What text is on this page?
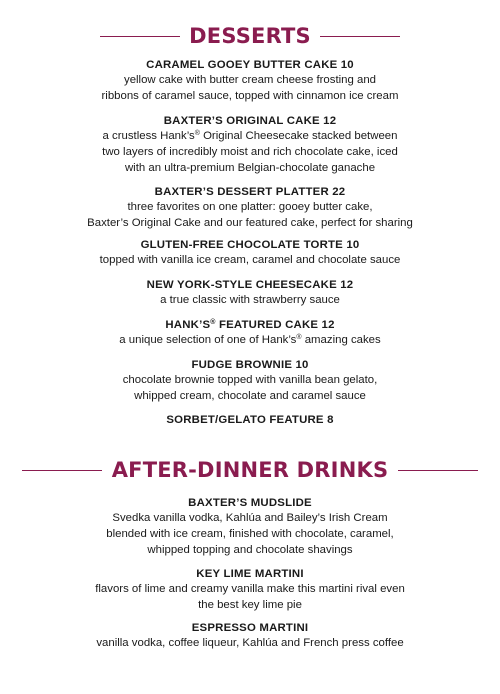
DESSERTS
CARAMEL GOOEY BUTTER CAKE 10
yellow cake with butter cream cheese frosting and
ribbons of caramel sauce, topped with cinnamon ice cream
BAXTER’S ORIGINAL CAKE 12
a crustless Hank’s® Original Cheesecake stacked between
two layers of incredibly moist and rich chocolate cake, iced
with an ultra-premium Belgian-chocolate ganache
BAXTER’S DESSERT PLATTER 22
three favorites on one platter: gooey butter cake,
Baxter’s Original Cake and our featured cake, perfect for sharing
GLUTEN-FREE CHOCOLATE TORTE 10
topped with vanilla ice cream, caramel and chocolate sauce
NEW YORK-STYLE CHEESECAKE 12
a true classic with strawberry sauce
HANK’S® FEATURED CAKE 12
a unique selection of one of Hank’s® amazing cakes
FUDGE BROWNIE 10
chocolate brownie topped with vanilla bean gelato,
whipped cream, chocolate and caramel sauce
SORBET/GELATO FEATURE 8
AFTER-DINNER DRINKS
BAXTER’S MUDSLIDE
Svedka vanilla vodka, Kahlúa and Bailey’s Irish Cream
blended with ice cream, finished with chocolate, caramel,
whipped topping and chocolate shavings
KEY LIME MARTINI
flavors of lime and creamy vanilla make this martini rival even
the best key lime pie
ESPRESSO MARTINI
vanilla vodka, coffee liqueur, Kahlúa and French press coffee
